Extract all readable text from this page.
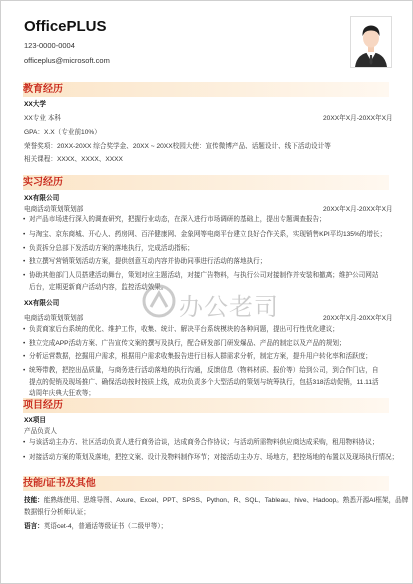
OfficePLUS
123-0000-0004
officeplus@microsoft.com
教育经历
XX大学
XX专业 本科	20XX年X月-20XX年X月
GPA：X.X（专业前10%）
荣誉奖项：20XX-20XX 综合奖学金、20XX ~ 20XX校园大使：宣传微博产品、话题设计、线下活动设计等
相关课程：XXXX、XXXX、XXXX
实习经历
XX有限公司
电商活动策划策划部	20XX年X月-20XX年X月
• 对产品市场进行深入的调查研究，把握行业动态，在深入进行市场调研的基础上，提出专题调查报告；
• 与淘宝、京东商城、开心人、药房网、百洋健康网、金象网等电商平台建立良好合作关系，实现销售KPI平均135%的增长；
• 负责拆分总部下发活动方案的落地执行，完成活动指标；
• 独立撰写营销策划活动方案，提供创意互动内容并协助同事进行活动的落地执行；
• 协助其他部门人员搭建活动舞台，策划对应主题活动，对接广告物料，与执行公司对接制作并安装和撤离；维护公司网站后台，定期更新商户活动内容，监控活动效果。
XX有限公司
电商活动策划策划部	20XX年X月-20XX年X月
• 负责商家后台系统的优化、维护工作，收集、统计、解决平台系统模块的各种问题，提出可行性优化建议；
• 独立完成APP活动方案、广告宣传文案的撰写及执行，配合研发部门研发爆品、产品的制定以及产品的规划；
• 分析运营数据，挖掘用户需求，根据用户需求收集报告进行目标人群需求分析，制定方案，提升用户转化率和活跃度；
• 统筹带教，把控出品质量，与商务进行活动落地的执行沟通，反馈信息（物料材质、报价等）给到公司，到合作门店，自提点的促销及现场推广、确保活动按时按质上线，成功负责多个大型活动的策划与统筹执行，包括318活动促销，11.11活动周年庆典大狂欢等；
项目经历
XX项目
产品负责人
• 与该活动主办方、社区活动负责人进行商务洽谈，达成商务合作协议；与活动所需物料供应商达成采购，租用物料协议；
• 对接活动方案的策划及落地，把控文案、设计及物料制作环节；对接活动主办方、场地方，把控场地的布置以及现场执行情况；
技能/证书及其他
技能：能熟练使用、思维导图、Axure、Excel、PPT、SPSS、Python、R、SQL、Tableau、hive、Hadoop。熟悉开源AI框架，品牌
数据银行分析师认证；
语言：英语cet-4，普通话等级证书（二级甲等）；
办公老司
